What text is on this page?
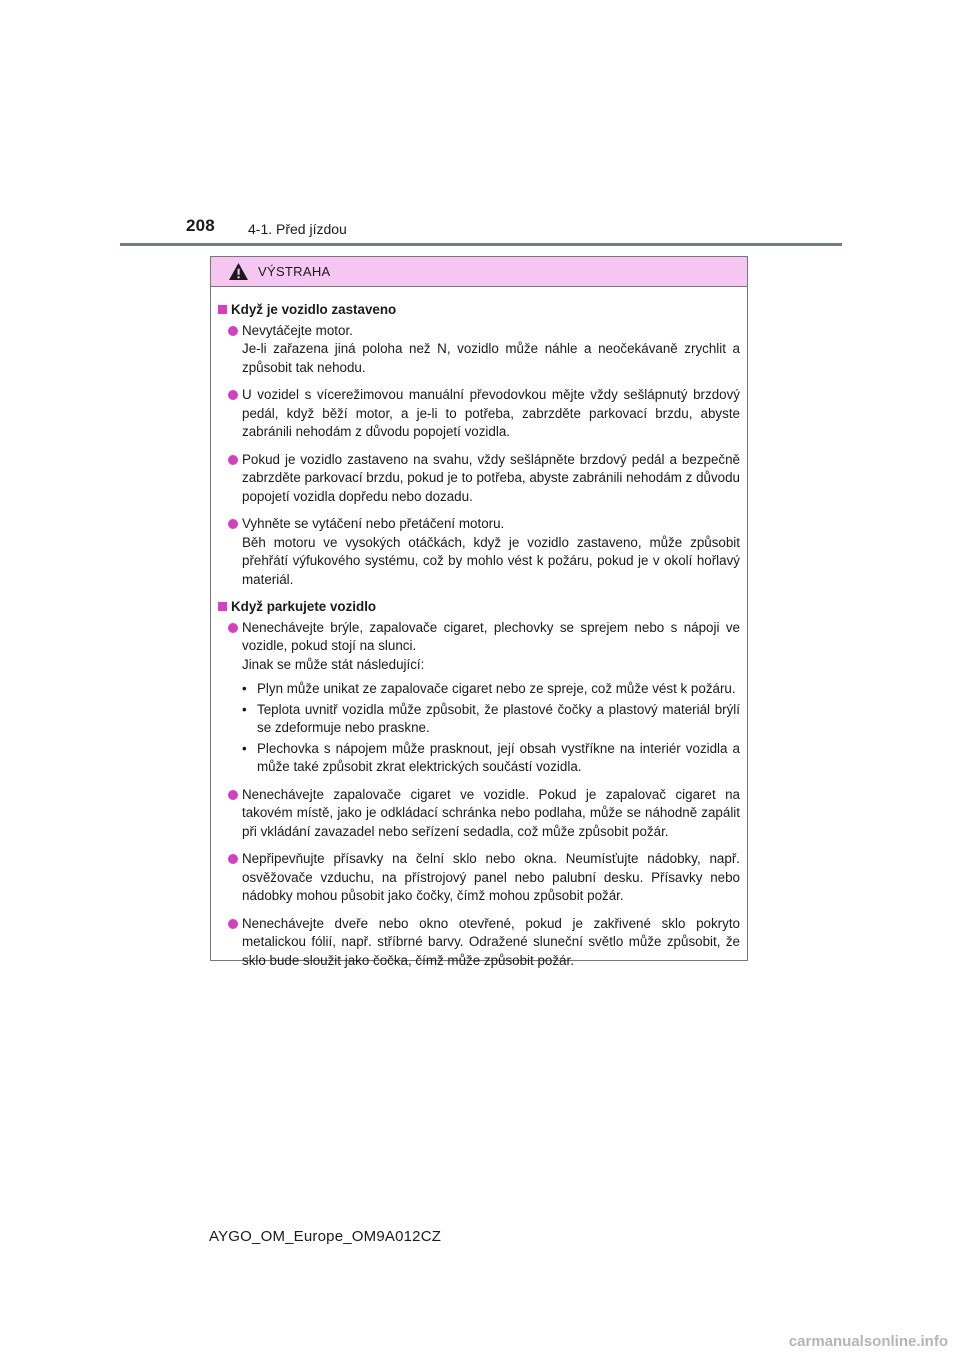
208 4-1. Před jízdou
VÝSTRAHA
Když je vozidlo zastaveno
Nevytáčejte motor.
Je-li zařazena jiná poloha než N, vozidlo může náhle a neočekávaně zrychlit a způsobit tak nehodu.
U vozidel s vícerežimovou manuální převodovkou mějte vždy sešlápnutý brzdový pedál, když běží motor, a je-li to potřeba, zabrzděte parkovací brzdu, abyste zabránili nehodám z důvodu popojetí vozidla.
Pokud je vozidlo zastaveno na svahu, vždy sešlápněte brzdový pedál a bezpečně zabrzděte parkovací brzdu, pokud je to potřeba, abyste zabránili nehodám z důvodu popojetí vozidla dopředu nebo dozadu.
Vyhněte se vytáčení nebo přetáčení motoru.
Běh motoru ve vysokých otáčkách, když je vozidlo zastaveno, může způsobit přehřátí výfukového systému, což by mohlo vést k požáru, pokud je v okolí hořlavý materiál.
Když parkujete vozidlo
Nenechávejte brýle, zapalovače cigaret, plechovky se sprejem nebo s nápoji ve vozidle, pokud stojí na slunci.
Jinak se může stát následující:
• Plyn může unikat ze zapalovače cigaret nebo ze spreje, což může vést k požáru.
• Teplota uvnitř vozidla může způsobit, že plastové čočky a plastový materiál brýlí se zdeformuje nebo praskne.
• Plechovka s nápojem může prasknout, její obsah vystříkne na interiér vozidla a může také způsobit zkrat elektrických součástí vozidla.
Nenechávejte zapalovače cigaret ve vozidle. Pokud je zapalovač cigaret na takovém místě, jako je odkládací schránka nebo podlaha, může se náhodně zapálit při vkládání zavazadel nebo seřízení sedadla, což může způsobit požár.
Nepřipevňujte přísavky na čelní sklo nebo okna. Neumísťujte nádobky, např. osvěžovače vzduchu, na přístrojový panel nebo palubní desku. Přísavky nebo nádobky mohou působit jako čočky, čímž mohou způsobit požár.
Nenechávejte dveře nebo okno otevřené, pokud je zakřivené sklo pokryto metalickou fólií, např. stříbrné barvy. Odražené sluneční světlo může způsobit, že sklo bude sloužit jako čočka, čímž může způsobit požár.
AYGO_OM_Europe_OM9A012CZ
carmanualsonline.info
